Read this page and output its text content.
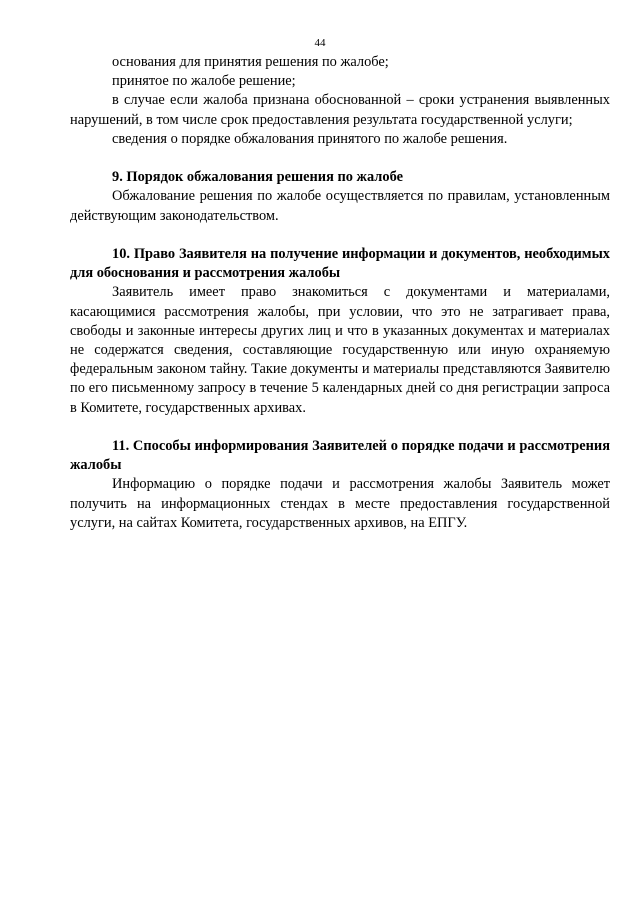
44

основания для принятия решения по жалобе;

принятое по жалобе решение;

в случае если жалоба признана обоснованной – сроки устранения выявленных нарушений, в том числе срок предоставления результата государственной услуги;

сведения о порядке обжалования принятого по жалобе решения.

9. Порядок обжалования решения по жалобе

Обжалование решения по жалобе осуществляется по правилам, установленным действующим законодательством.

10. Право Заявителя на получение информации и документов, необходимых для обоснования и рассмотрения жалобы

Заявитель имеет право знакомиться с документами и материалами, касающимися рассмотрения жалобы, при условии, что это не затрагивает права, свободы и законные интересы других лиц и что в указанных документах и материалах не содержатся сведения, составляющие государственную или иную охраняемую федеральным законом тайну. Такие документы и материалы представляются Заявителю по его письменному запросу в течение 5 календарных дней со дня регистрации запроса в Комитете, государственных архивах.

11. Способы информирования Заявителей о порядке подачи и рассмотрения жалобы

Информацию о порядке подачи и рассмотрения жалобы Заявитель может получить на информационных стендах в месте предоставления государственной услуги, на сайтах Комитета, государственных архивов, на ЕПГУ.
